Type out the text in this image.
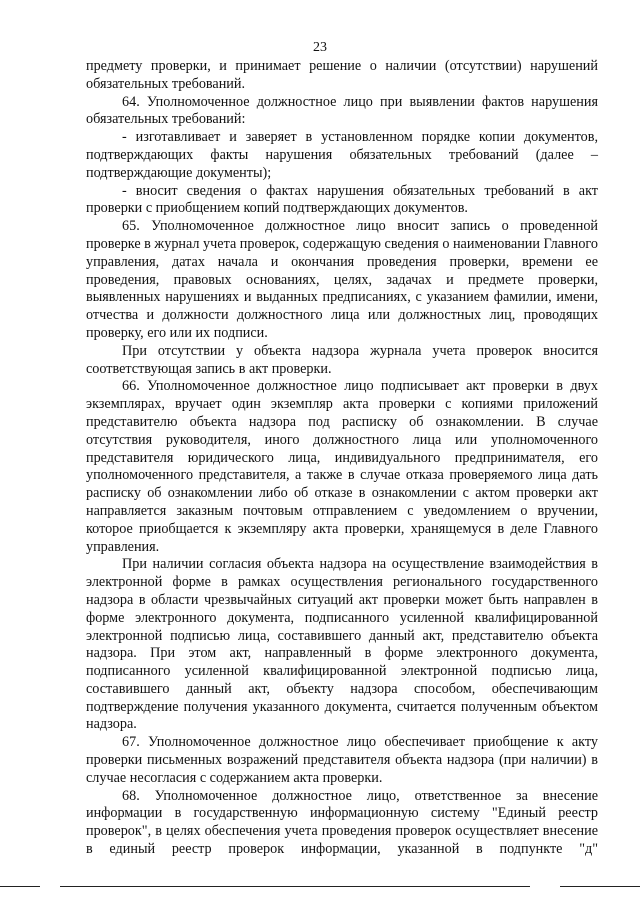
23

предмету проверки, и принимает решение о наличии (отсутствии) нарушений обязательных требований.

64. Уполномоченное должностное лицо при выявлении фактов нарушения обязательных требований:

- изготавливает и заверяет в установленном порядке копии документов, подтверждающих факты нарушения обязательных требований (далее – подтверждающие документы);

- вносит сведения о фактах нарушения обязательных требований в акт проверки с приобщением копий подтверждающих документов.

65. Уполномоченное должностное лицо вносит запись о проведенной проверке в журнал учета проверок, содержащую сведения о наименовании Главного управления, датах начала и окончания проведения проверки, времени ее проведения, правовых основаниях, целях, задачах и предмете проверки, выявленных нарушениях и выданных предписаниях, с указанием фамилии, имени, отчества и должности должностного лица или должностных лиц, проводящих проверку, его или их подписи.

При отсутствии у объекта надзора журнала учета проверок вносится соответствующая запись в акт проверки.

66. Уполномоченное должностное лицо подписывает акт проверки в двух экземплярах, вручает один экземпляр акта проверки с копиями приложений представителю объекта надзора под расписку об ознакомлении. В случае отсутствия руководителя, иного должностного лица или уполномоченного представителя юридического лица, индивидуального предпринимателя, его уполномоченного представителя, а также в случае отказа проверяемого лица дать расписку об ознакомлении либо об отказе в ознакомлении с актом проверки акт направляется заказным почтовым отправлением с уведомлением о вручении, которое приобщается к экземпляру акта проверки, хранящемуся в деле Главного управления.

При наличии согласия объекта надзора на осуществление взаимодействия в электронной форме в рамках осуществления регионального государственного надзора в области чрезвычайных ситуаций акт проверки может быть направлен в форме электронного документа, подписанного усиленной квалифицированной электронной подписью лица, составившего данный акт, представителю объекта надзора. При этом акт, направленный в форме электронного документа, подписанного усиленной квалифицированной электронной подписью лица, составившего данный акт, объекту надзора способом, обеспечивающим подтверждение получения указанного документа, считается полученным объектом надзора.

67. Уполномоченное должностное лицо обеспечивает приобщение к акту проверки письменных возражений представителя объекта надзора (при наличии) в случае несогласия с содержанием акта проверки.

68. Уполномоченное должностное лицо, ответственное за внесение информации в государственную информационную систему "Единый реестр проверок", в целях обеспечения учета проведения проверок осуществляет внесение в единый реестр проверок информации, указанной в подпункте "д"
